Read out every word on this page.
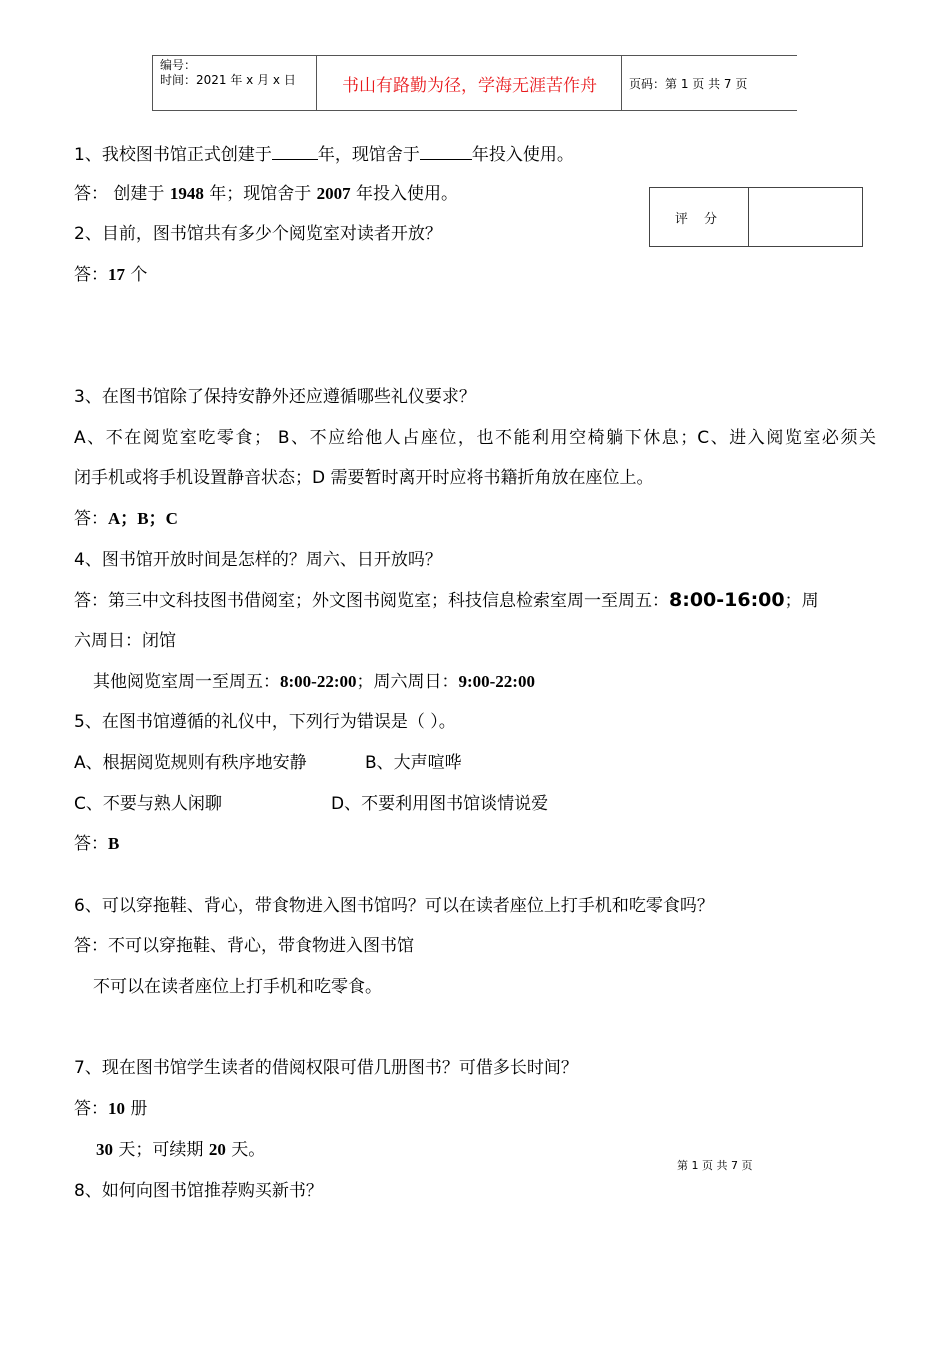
编号：
时间：2021 年 x 月 x 日	书山有路勤为径，学海无涯苦作舟	页码：第 1 页 共 7 页
评 分
1、我校图书馆正式创建于	年，现馆舍于	年投入使用。
答： 创建于 1948 年；现馆舍于 2007 年投入使用。
2、目前，图书馆共有多少个阅览室对读者开放？
答：17 个
3、在图书馆除了保持安静外还应遵循哪些礼仪要求？
A、不在阅览室吃零食； B、不应给他人占座位，也不能利用空椅躺下休息；C、进入阅览室必须关
闭手机或将手机设置静音状态；D 需要暂时离开时应将书籍折角放在座位上。
答：A；B；C
4、图书馆开放时间是怎样的？周六、日开放吗？
答：第三中文科技图书借阅室；外文图书阅览室；科技信息检索室周一至周五：8:00-16:00；周
六周日：闭馆
其他阅览室周一至周五：8:00-22:00；周六周日：9:00-22:00
5、在图书馆遵循的礼仪中，下列行为错误是（ ）。
A、根据阅览规则有秩序地安静	B、大声喧哗
C、不要与熟人闲聊	D、不要利用图书馆谈情说爱
答：B
6、可以穿拖鞋、背心，带食物进入图书馆吗？可以在读者座位上打手机和吃零食吗？
答：不可以穿拖鞋、背心，带食物进入图书馆
不可以在读者座位上打手机和吃零食。
7、现在图书馆学生读者的借阅权限可借几册图书？可借多长时间？
答：10 册
30 天；可续期 20 天。
第 1 页 共 7 页
8、如何向图书馆推荐购买新书？
